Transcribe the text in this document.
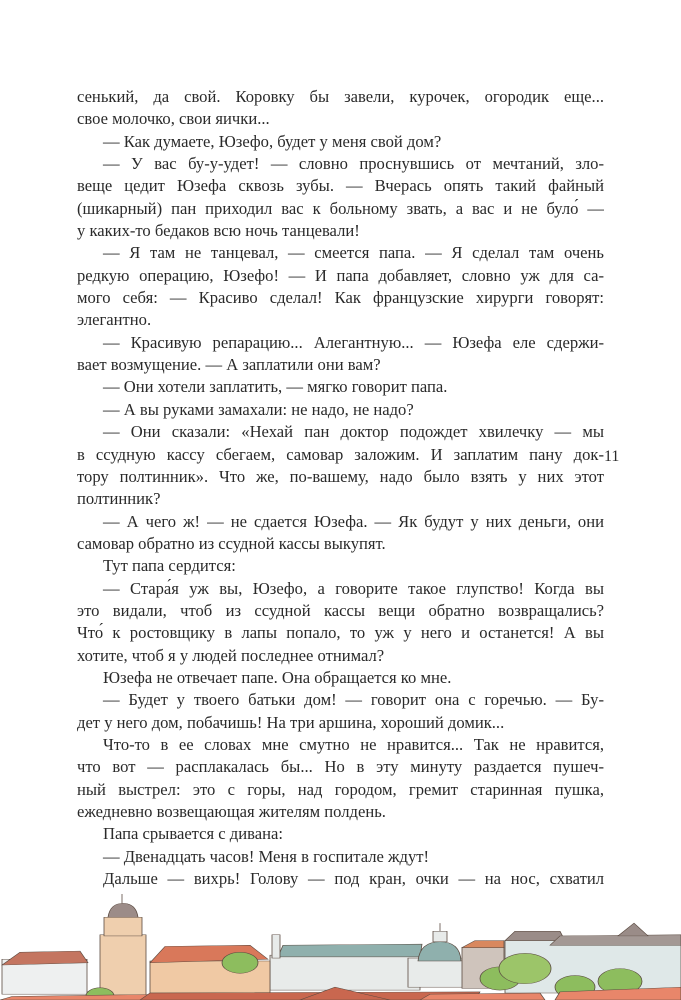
сенький, да свой. Коровку бы завели, курочек, огородик еще...
свое молочко, свои яички...
— Как думаете, Юзефо, будет у меня свой дом?
— У вас бу-у-удет! — словно проснувшись от мечтаний, зло-
веще цедит Юзефа сквозь зубы. — Вчерась опять такий файный
(шикарный) пан приходил вас к больному звать, а вас и не було́ —
у каких-то бедаков всю ночь танцевали!
— Я там не танцевал, — смеется папа. — Я сделал там очень
редкую операцию, Юзефо! — И папа добавляет, словно уж для са-
мого себя: — Красиво сделал! Как французские хирурги говорят:
элегантно.
— Красивую репарацию... Алегантную... — Юзефа еле сдержи-
вает возмущение. — А заплатили они вам?
— Они хотели заплатить, — мягко говорит папа.
— А вы руками замахали: не надо, не надо?
— Они сказали: «Нехай пан доктор подождет хвилечку — мы
в ссудную кассу сбегаем, самовар заложим. И заплатим пану док-
тору полтинник». Что же, по-вашему, надо было взять у них этот
полтинник?
— А чего ж! — не сдается Юзефа. — Як будут у них деньги, они
самовар обратно из ссудной кассы выкупят.
Тут папа сердится:
— Стара́я уж вы, Юзефо, а говорите такое глупство! Когда вы
это видали, чтоб из ссудной кассы вещи обратно возвращались?
Что́ к ростовщику в лапы попало, то уж у него и останется! А вы
хотите, чтоб я у людей последнее отнимал?
Юзефа не отвечает папе. Она обращается ко мне.
— Будет у твоего батьки дом! — говорит она с горечью. — Бу-
дет у него дом, побачишь! На три аршина, хороший домик...
Что-то в ее словах мне смутно не нравится... Так не нравится,
что вот — расплакалась бы... Но в эту минуту раздается пушеч-
ный выстрел: это с горы, над городом, гремит старинная пушка,
ежедневно возвещающая жителям полдень.
Папа срывается с дивана:
— Двенадцать часов! Меня в госпитале ждут!
Дальше — вихрь! Голову — под кран, очки — на нос, схватил
11
